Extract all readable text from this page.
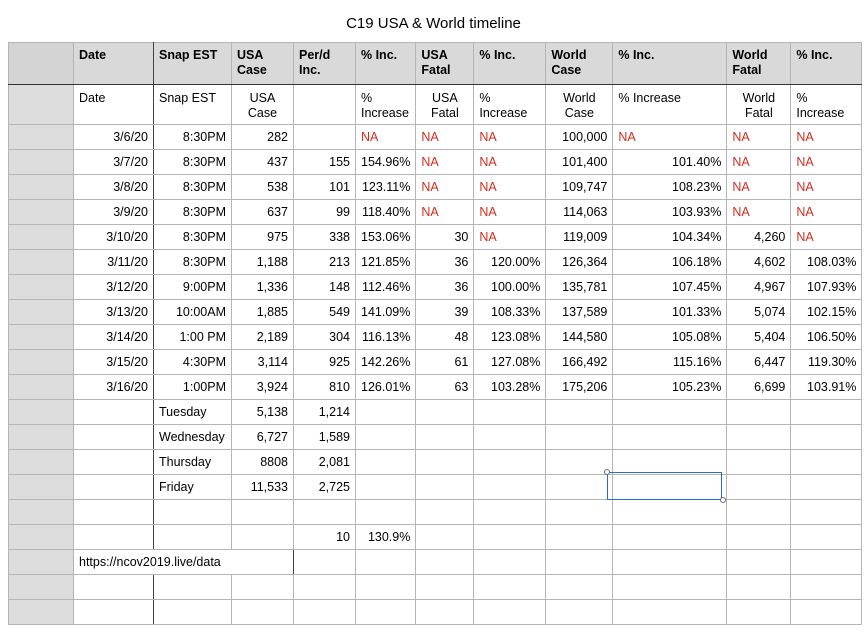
C19 USA & World timeline
	Date	Snap EST	USA Case	Per/d Inc.	% Inc.	USA Fatal	% Inc.	World Case	% Inc.	World Fatal	% Inc.
	Date	Snap EST	USA Case		% Increase	USA Fatal	% Increase	World Case	% Increase	World Fatal	% Increase
	3/6/20	8:30PM	282		NA	NA	NA	100,000	NA	NA	NA
	3/7/20	8:30PM	437	155	154.96%	NA	NA	101,400	101.40%	NA	NA
	3/8/20	8:30PM	538	101	123.11%	NA	NA	109,747	108.23%	NA	NA
	3/9/20	8:30PM	637	99	118.40%	NA	NA	114,063	103.93%	NA	NA
	3/10/20	8:30PM	975	338	153.06%	30	NA	119,009	104.34%	4,260	NA
	3/11/20	8:30PM	1,188	213	121.85%	36	120.00%	126,364	106.18%	4,602	108.03%
	3/12/20	9:00PM	1,336	148	112.46%	36	100.00%	135,781	107.45%	4,967	107.93%
	3/13/20	10:00AM	1,885	549	141.09%	39	108.33%	137,589	101.33%	5,074	102.15%
	3/14/20	1:00 PM	2,189	304	116.13%	48	123.08%	144,580	105.08%	5,404	106.50%
	3/15/20	4:30PM	3,114	925	142.26%	61	127.08%	166,492	115.16%	6,447	119.30%
	3/16/20	1:00PM	3,924	810	126.01%	63	103.28%	175,206	105.23%	6,699	103.91%
		Tuesday	5,138	1,214							
		Wednesday	6,727	1,589							
		Thursday	8808	2,081							
		Friday	11,533	2,725							

				10	130.9%						
	https://ncov2019.live/data										
